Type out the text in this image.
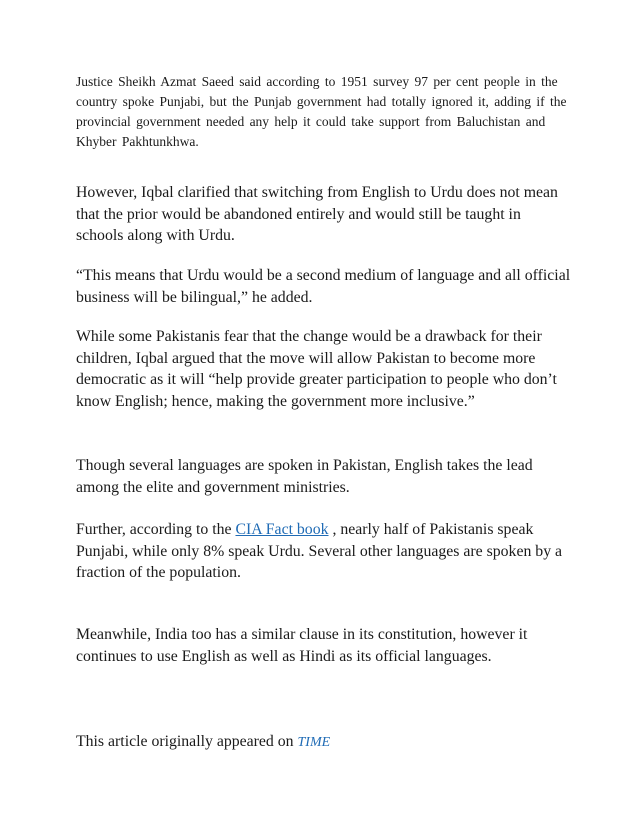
Justice Sheikh Azmat Saeed said according to 1951 survey 97 per cent people in the country spoke Punjabi, but the Punjab government had totally ignored it, adding if the provincial government needed any help it could take support from Baluchistan and Khyber Pakhtunkhwa.

However, Iqbal clarified that switching from English to Urdu does not mean that the prior would be abandoned entirely and would still be taught in schools along with Urdu.

“This means that Urdu would be a second medium of language and all official business will be bilingual,” he added.

While some Pakistanis fear that the change would be a drawback for their children, Iqbal argued that the move will allow Pakistan to become more democratic as it will “help provide greater participation to people who don’t know English; hence, making the government more inclusive.”

Though several languages are spoken in Pakistan, English takes the lead among the elite and government ministries.

Further, according to the CIA Fact book , nearly half of Pakistanis speak Punjabi, while only 8% speak Urdu. Several other languages are spoken by a fraction of the population.

Meanwhile, India too has a similar clause in its constitution, however it continues to use English as well as Hindi as its official languages.

This article originally appeared on TIME
